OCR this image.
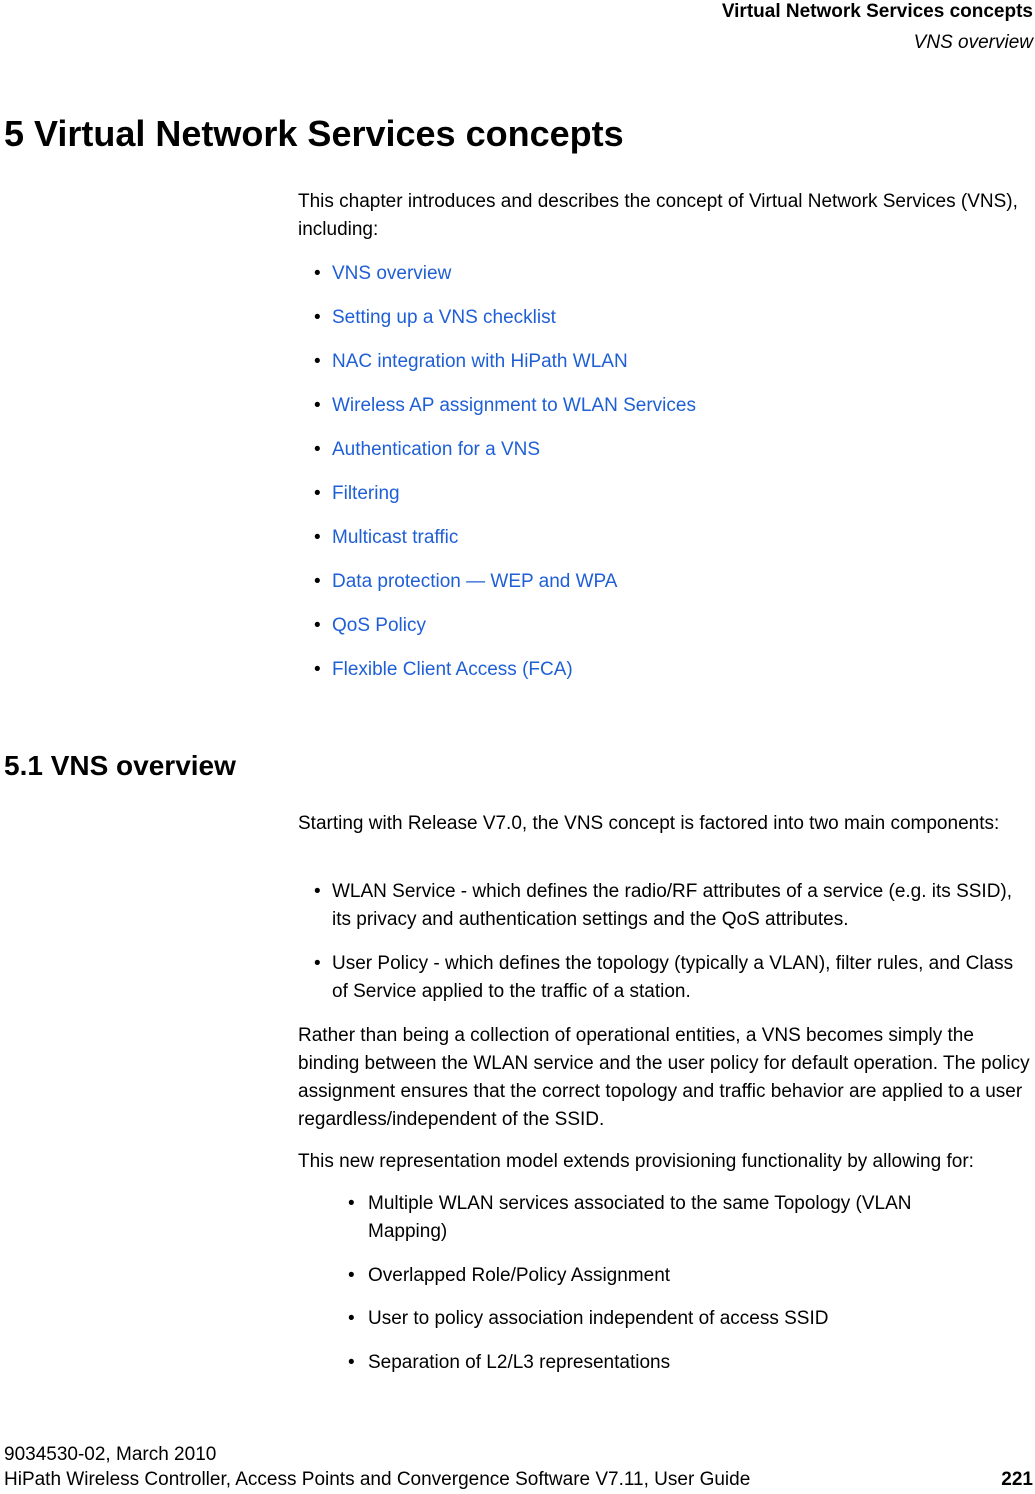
Virtual Network Services concepts
VNS overview
5 Virtual Network Services concepts
This chapter introduces and describes the concept of Virtual Network Services (VNS), including:
• VNS overview
• Setting up a VNS checklist
• NAC integration with HiPath WLAN
• Wireless AP assignment to WLAN Services
• Authentication for a VNS
• Filtering
• Multicast traffic
• Data protection — WEP and WPA
• QoS Policy
• Flexible Client Access (FCA)
5.1 VNS overview
Starting with Release V7.0, the VNS concept is factored into two main components:
• WLAN Service - which defines the radio/RF attributes of a service (e.g. its SSID), its privacy and authentication settings and the QoS attributes.
• User Policy - which defines the topology (typically a VLAN), filter rules, and Class of Service applied to the traffic of a station.
Rather than being a collection of operational entities, a VNS becomes simply the binding between the WLAN service and the user policy for default operation. The policy assignment ensures that the correct topology and traffic behavior are applied to a user regardless/independent of the SSID.
This new representation model extends provisioning functionality by allowing for:
• Multiple WLAN services associated to the same Topology (VLAN Mapping)
• Overlapped Role/Policy Assignment
• User to policy association independent of access SSID
• Separation of L2/L3 representations
9034530-02, March 2010
HiPath Wireless Controller, Access Points and Convergence Software V7.11, User Guide	221
